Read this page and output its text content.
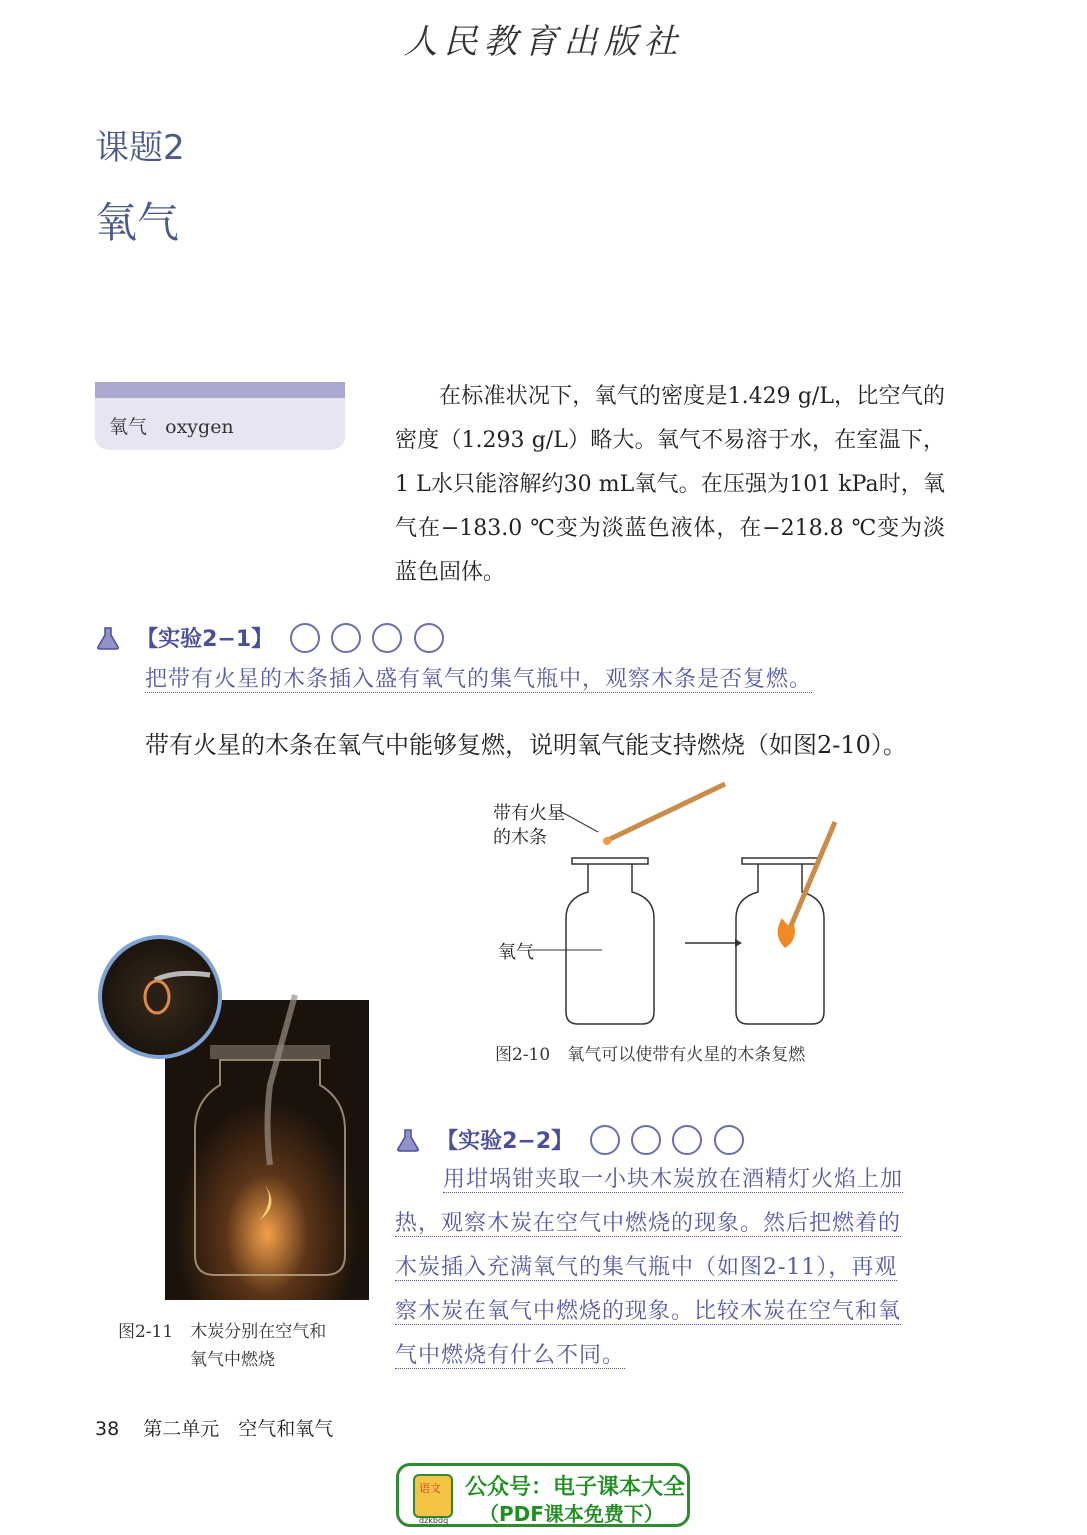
人民教育出版社
课题2
氧气
氧气 oxygen

在标准状况下，氧气的密度是1.429 g/L，比空气的密度（1.293 g/L）略大。氧气不易溶于水，在室温下，1 L水只能溶解约30 mL氧气。在压强为101 kPa时，氧气在−183.0 ℃变为淡蓝色液体，在−218.8 ℃变为淡蓝色固体。

【实验2−1】
把带有火星的木条插入盛有氧气的集气瓶中，观察木条是否复燃。
带有火星的木条在氧气中能够复燃，说明氧气能支持燃烧（如图2-10）。
带有火星
的木条
氧气
图2-10　氧气可以使带有火星的木条复燃
图2-11　木炭分别在空气和
氧气中燃烧
【实验2−2】
用坩埚钳夹取一小块木炭放在酒精灯火焰上加
热，观察木炭在空气中燃烧的现象。然后把燃着的
木炭插入充满氧气的集气瓶中（如图2-11），再观
察木炭在氧气中燃烧的现象。比较木炭在空气和氧
气中燃烧有什么不同。
38 第二单元　空气和氧气
语文
dzkbdq
公众号：电子课本大全
（PDF课本免费下）
